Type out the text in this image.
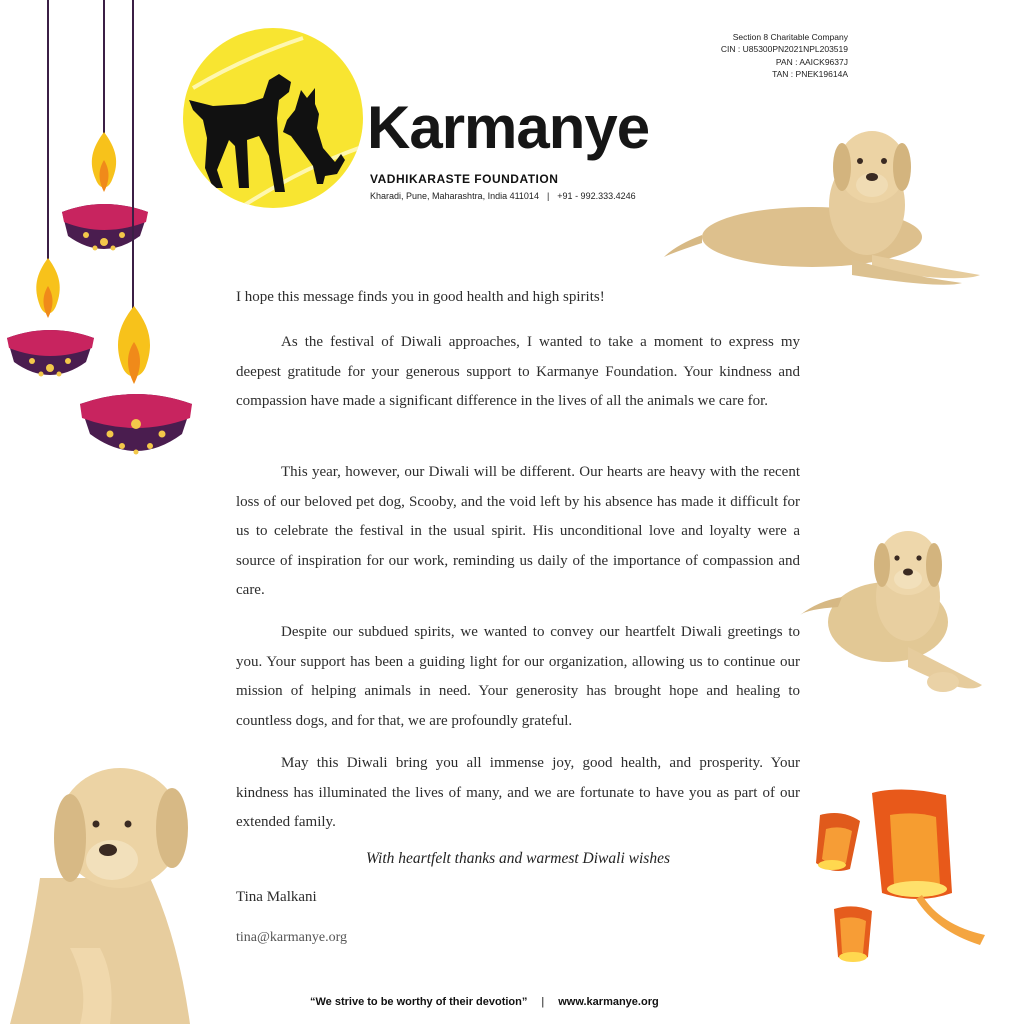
Karmanye
VADHIKARASTE FOUNDATION
Kharadi, Pune, Maharashtra, India 411014 | +91 - 992.333.4246
Section 8 Charitable Company
CIN : U85300PN2021NPL203519
PAN : AAICK9637J
TAN : PNEK19614A
I hope this message finds you in good health and high spirits!

As the festival of Diwali approaches, I wanted to take a moment to express my deepest gratitude for your generous support to Karmanye Foundation. Your kindness and compassion have made a significant difference in the lives of all the animals we care for.

This year, however, our Diwali will be different. Our hearts are heavy with the recent loss of our beloved pet dog, Scooby, and the void left by his absence has made it difficult for us to celebrate the festival in the usual spirit. His unconditional love and loyalty were a source of inspiration for our work, reminding us daily of the importance of compassion and care.

Despite our subdued spirits, we wanted to convey our heartfelt Diwali greetings to you. Your support has been a guiding light for our organization, allowing us to continue our mission of helping animals in need. Your generosity has brought hope and healing to countless dogs, and for that, we are profoundly grateful.

May this Diwali bring you all immense joy, good health, and prosperity. Your kindness has illuminated the lives of many, and we are fortunate to have you as part of our extended family.

With heartfelt thanks and warmest Diwali wishes
Tina Malkani
tina@karmanye.org
“We strive to be worthy of their devotion” | www.karmanye.org
